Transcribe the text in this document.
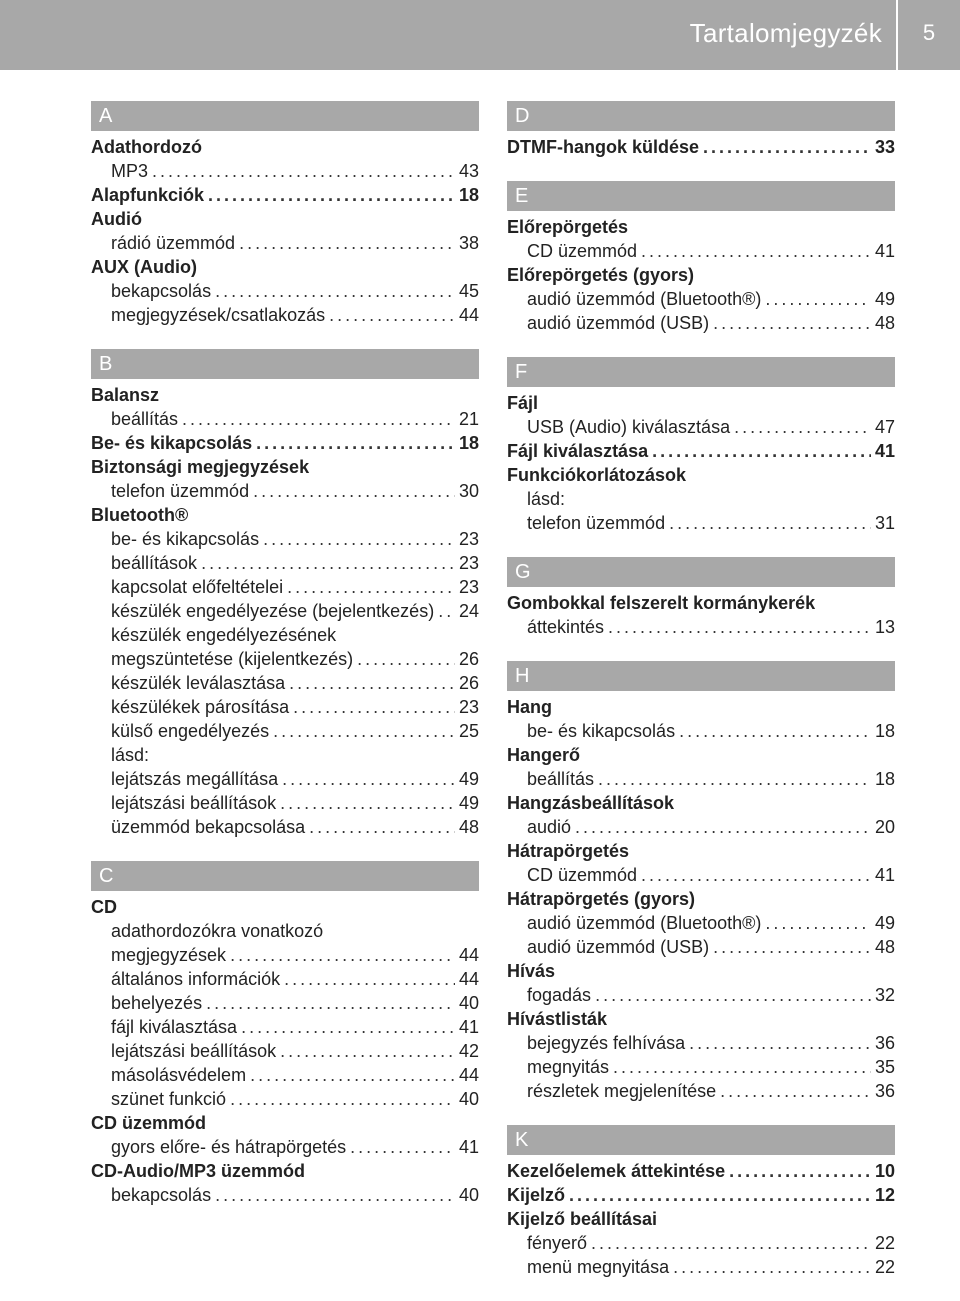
Tartalomjegyzék	5
A
Adathordozó
MP3 .....	43
Alapfunkciók .....	18
Audió
rádió üzemmód .....	38
AUX (Audio)
bekapcsolás .....	45
megjegyzések/csatlakozás .....	44
B
Balansz
beállítás .....	21
Be- és kikapcsolás .....	18
Biztonsági megjegyzések
telefon üzemmód .....	30
Bluetooth®
be- és kikapcsolás .....	23
beállítások .....	23
kapcsolat előfeltételei .....	23
készülék engedélyezése (bejelentkezés) ..... 24
készülék engedélyezésének
megszüntetése (kijelentkezés) .....	26
készülék leválasztása .....	26
készülékek párosítása .....	23
külső engedélyezés .....	25
lásd:
lejátszás megállítása .....	49
lejátszási beállítások .....	49
üzemmód bekapcsolása .....	48
C
CD
adathordozókra vonatkozó
megjegyzések .....	44
általános információk .....	44
behelyezés .....	40
fájl kiválasztása .....	41
lejátszási beállítások .....	42
másolásvédelem .....	44
szünet funkció .....	40
CD üzemmód
gyors előre- és hátrapörgetés .....	41
CD-Audio/MP3 üzemmód
bekapcsolás .....	40
D
DTMF-hangok küldése .....	33
E
Előrepörgetés
CD üzemmód .....	41
Előrepörgetés (gyors)
audió üzemmód (Bluetooth®) .....	49
audió üzemmód (USB) .....	48
F
Fájl
USB (Audio) kiválasztása .....	47
Fájl kiválasztása .....	41
Funkciókorlátozások
lásd:
telefon üzemmód .....	31
G
Gombokkal felszerelt kormánykerék
áttekintés .....	13
H
Hang
be- és kikapcsolás .....	18
Hangerő
beállítás .....	18
Hangzásbeállítások
audió .....	20
Hátrapörgetés
CD üzemmód .....	41
Hátrapörgetés (gyors)
audió üzemmód (Bluetooth®) .....	49
audió üzemmód (USB) .....	48
Hívás
fogadás .....	32
Hívástlisták
bejegyzés felhívása .....	36
megnyitás .....	35
részletek megjelenítése .....	36
K
Kezelőelemek áttekintése .....	10
Kijelző .....	12
Kijelző beállításai
fényerő .....	22
menü megnyitása .....	22
